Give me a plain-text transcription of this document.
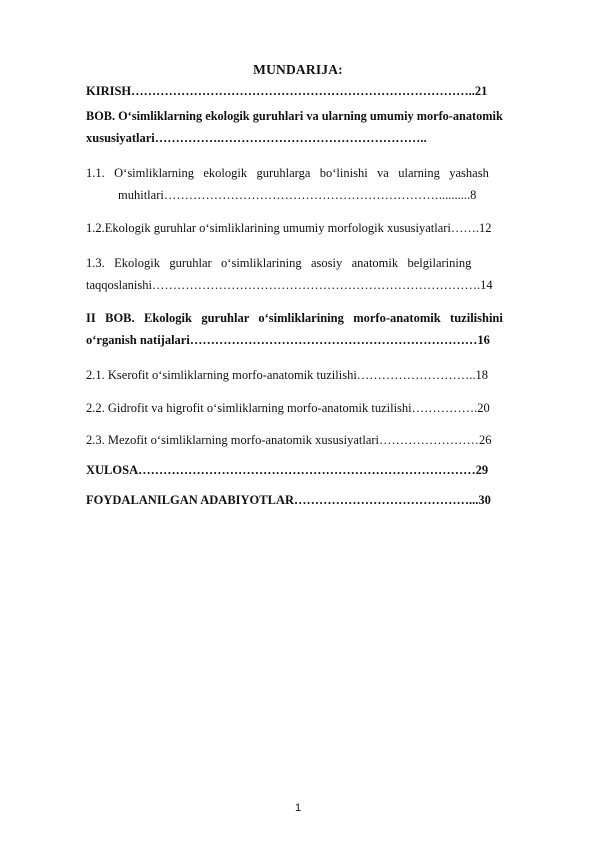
MUNDARIJA:
KIRISH………………………………………………………………………..21
BOB. O‘simliklarning ekologik guruhlari va ularning umumiy morfo-anatomik
xususiyatlari…………….…………………………………………..
1.1.   O‘simliklarning   ekologik   guruhlarga   bo‘linishi   va   ularning   yashash
muhitlari…………………………………………………………..........8
1.2.Ekologik guruhlar o‘simliklarining umumiy morfologik xususiyatlari…….12
1.3.   Ekologik   guruhlar   o‘simliklarining   asosiy   anatomik   belgilarining
taqqoslanishi…………………………………………………………………….14
II   BOB.   Ekologik   guruhlar   o‘simliklarining   morfo-anatomik   tuzilishini
o‘rganish natijalari……………………………………………………………16
2.1. Kserofit o‘simliklarning morfo-anatomik tuzilishi………………………..18
2.2. Gidrofit va higrofit o‘simliklarning morfo-anatomik tuzilishi…………….20
2.3. Mezofit o‘simliklarning morfo-anatomik xususiyatlari……………………26
XULOSA………………………………………………………………………29
FOYDALANILGAN ADABIYOTLAR……………………………………...30
1
